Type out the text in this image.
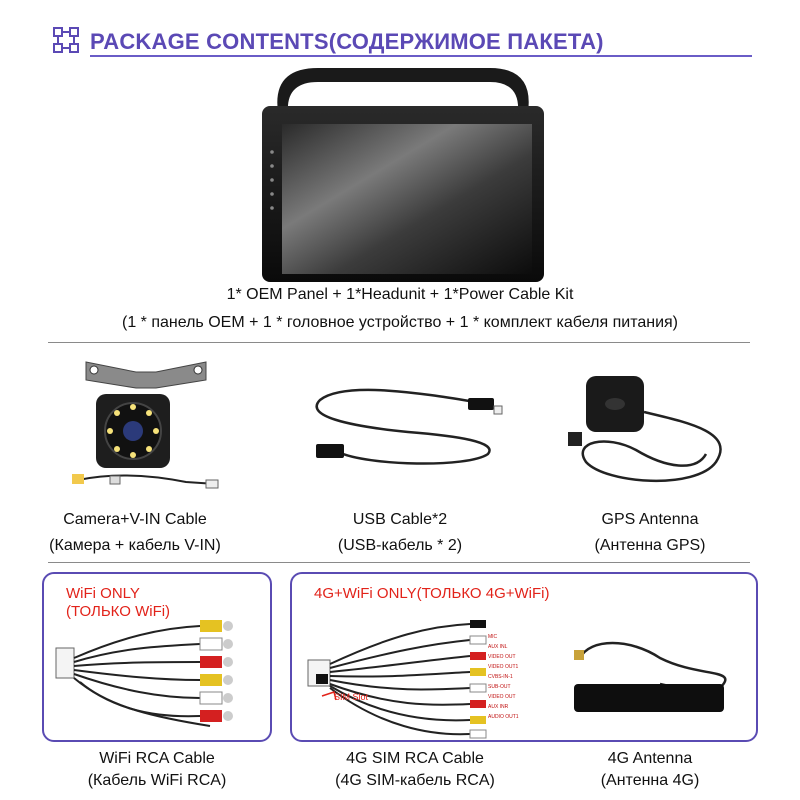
PACKAGE CONTENTS(СОДЕРЖИМОЕ ПАКЕТА)
1* OEM Panel + 1*Headunit + 1*Power Cable Kit
(1 * панель OEM + 1 * головное устройство + 1 * комплект кабеля питания)
Camera+V-IN Cable
(Камера + кабель V-IN)
USB Cable*2
(USB-кабель * 2)
GPS Antenna
(Антенна GPS)
WiFi ONLY
(ТОЛЬКО WiFi)
WiFi RCA Cable
(Кабель WiFi RCA)
4G+WiFi ONLY(ТОЛЬКО 4G+WiFi)
SIM Slot
MIC
AUX INL
VIDEO OUT
VIDEO OUT1
CVBS-IN-1
SUB-OUT
VIDEO OUT
AUX INR
AUDIO OUT1
4G SIM RCA Cable
(4G SIM-кабель RCA)
4G Antenna
(Антенна 4G)
